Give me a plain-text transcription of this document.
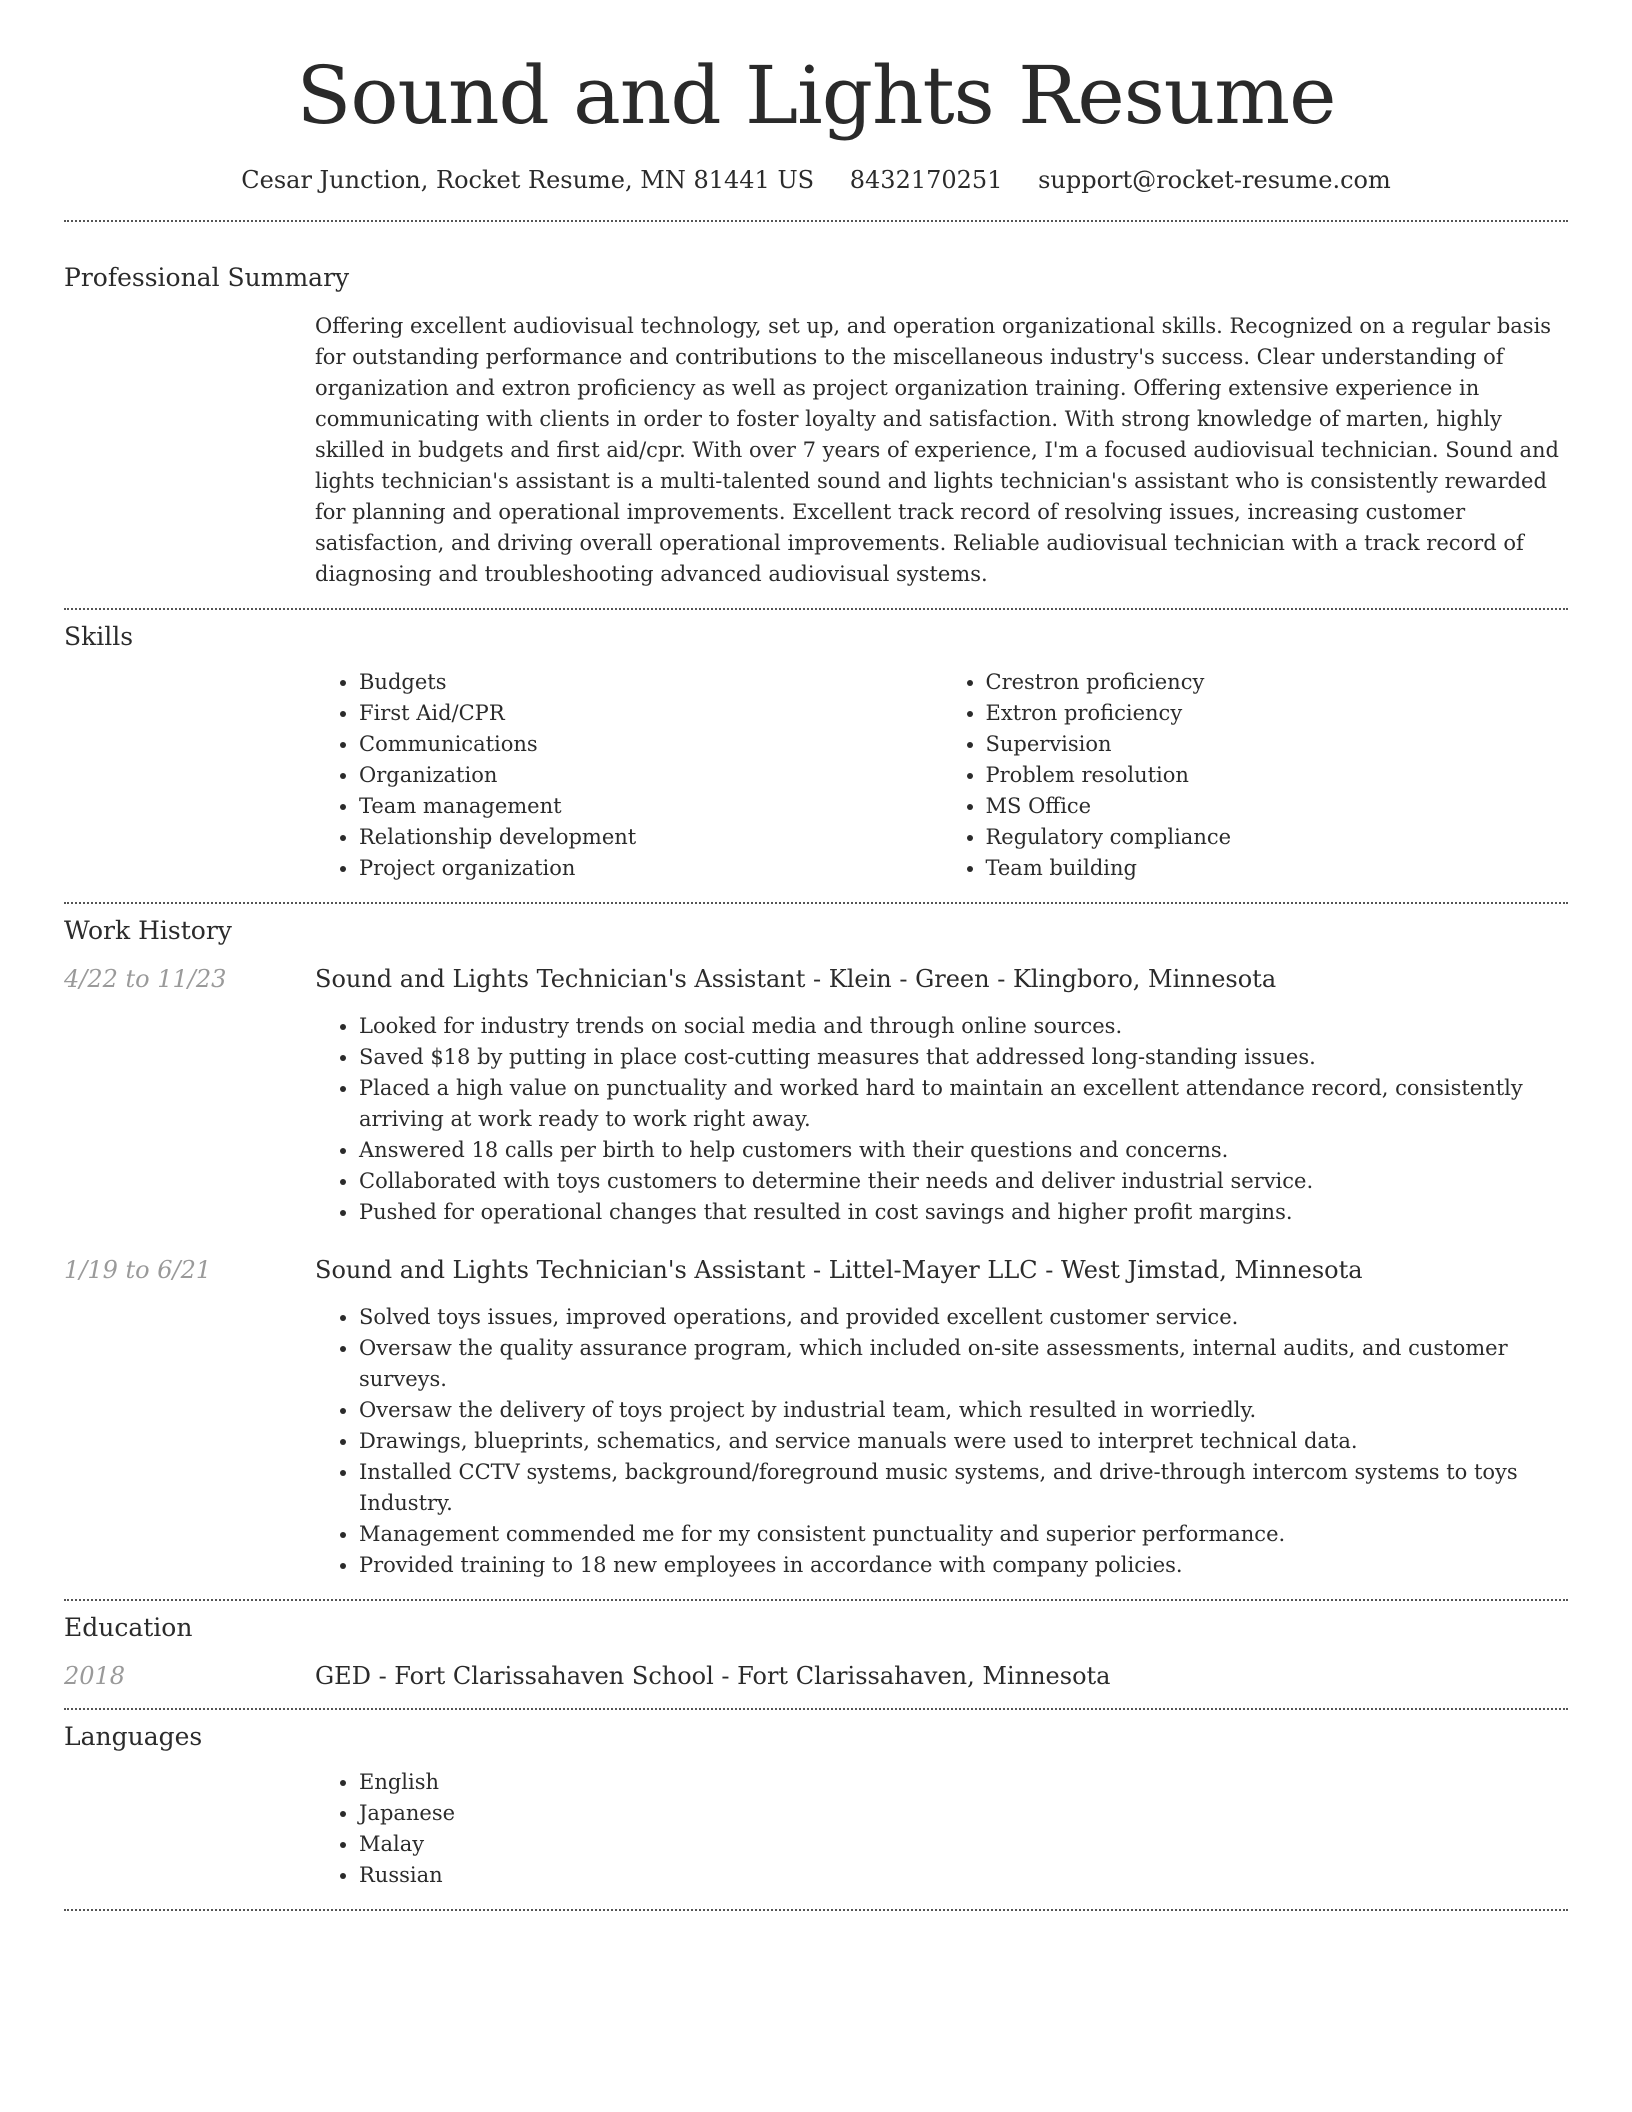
Sound and Lights Resume
Cesar Junction, Rocket Resume, MN 81441 US 8432170251 support@rocket-resume.com
Professional Summary

Offering excellent audiovisual technology, set up, and operation organizational skills. Recognized on a regular basis for outstanding performance and contributions to the miscellaneous industry's success. Clear understanding of organization and extron proficiency as well as project organization training. Offering extensive experience in communicating with clients in order to foster loyalty and satisfaction. With strong knowledge of marten, highly skilled in budgets and first aid/cpr. With over 7 years of experience, I'm a focused audiovisual technician. Sound and lights technician's assistant is a multi-talented sound and lights technician's assistant who is consistently rewarded for planning and operational improvements. Excellent track record of resolving issues, increasing customer satisfaction, and driving overall operational improvements. Reliable audiovisual technician with a track record of diagnosing and troubleshooting advanced audiovisual systems.

Skills
• Budgets
• First Aid/CPR
• Communications
• Organization
• Team management
• Relationship development
• Project organization
• Crestron proficiency
• Extron proficiency
• Supervision
• Problem resolution
• MS Office
• Regulatory compliance
• Team building
Work History
4/22 to 11/23	Sound and Lights Technician's Assistant - Klein - Green - Klingboro, Minnesota
• Looked for industry trends on social media and through online sources.
• Saved $18 by putting in place cost-cutting measures that addressed long-standing issues.
• Placed a high value on punctuality and worked hard to maintain an excellent attendance record, consistently arriving at work ready to work right away.
• Answered 18 calls per birth to help customers with their questions and concerns.
• Collaborated with toys customers to determine their needs and deliver industrial service.
• Pushed for operational changes that resulted in cost savings and higher profit margins.
1/19 to 6/21	Sound and Lights Technician's Assistant - Littel-Mayer LLC - West Jimstad, Minnesota
• Solved toys issues, improved operations, and provided excellent customer service.
• Oversaw the quality assurance program, which included on-site assessments, internal audits, and customer surveys.
• Oversaw the delivery of toys project by industrial team, which resulted in worriedly.
• Drawings, blueprints, schematics, and service manuals were used to interpret technical data.
• Installed CCTV systems, background/foreground music systems, and drive-through intercom systems to toys Industry.
• Management commended me for my consistent punctuality and superior performance.
• Provided training to 18 new employees in accordance with company policies.
Education
2018	GED - Fort Clarissahaven School - Fort Clarissahaven, Minnesota
Languages
• English
• Japanese
• Malay
• Russian
